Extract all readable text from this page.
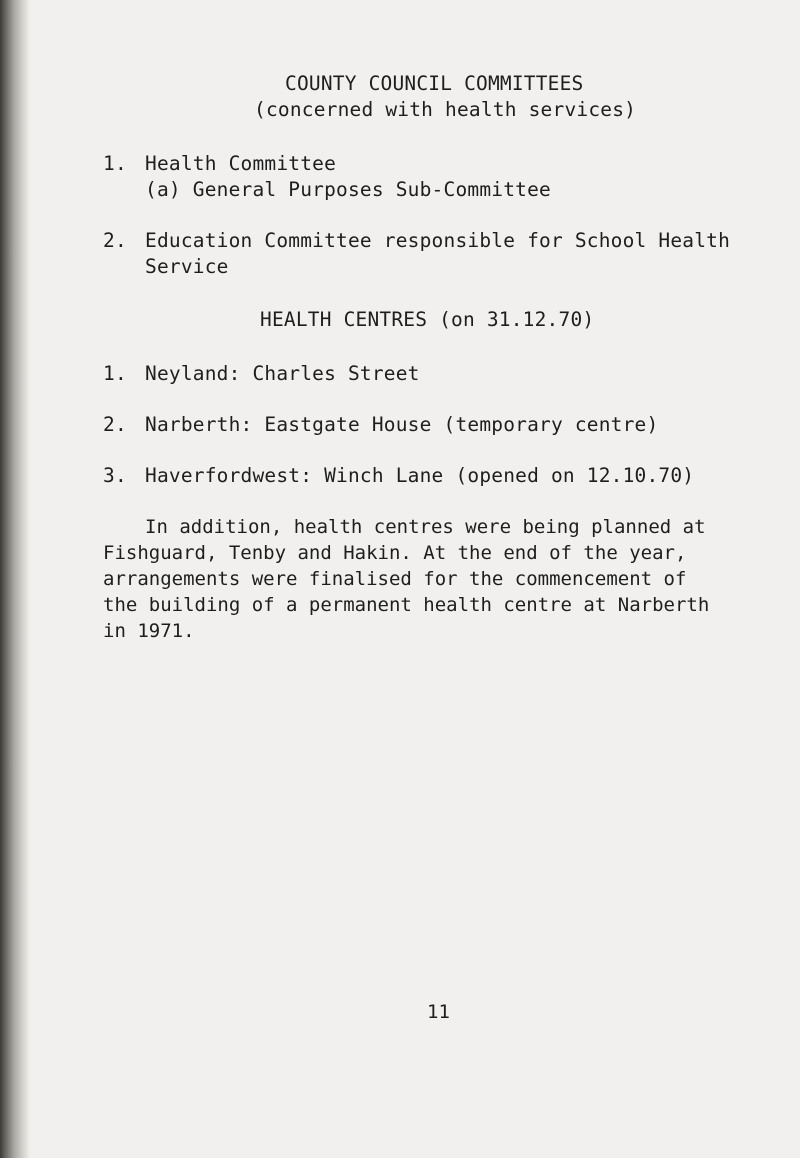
COUNTY COUNCIL COMMITTEES
(concerned with health services)
1. Health Committee
(a) General Purposes Sub-Committee
2. Education Committee responsible for School Health
Service
HEALTH CENTRES (on 31.12.70)
1. Neyland: Charles Street
2. Narberth: Eastgate House (temporary centre)
3. Haverfordwest: Winch Lane (opened on 12.10.70)
In addition, health centres were being planned at
Fishguard, Tenby and Hakin. At the end of the year,
arrangements were finalised for the commencement of
the building of a permanent health centre at Narberth
in 1971.
11
